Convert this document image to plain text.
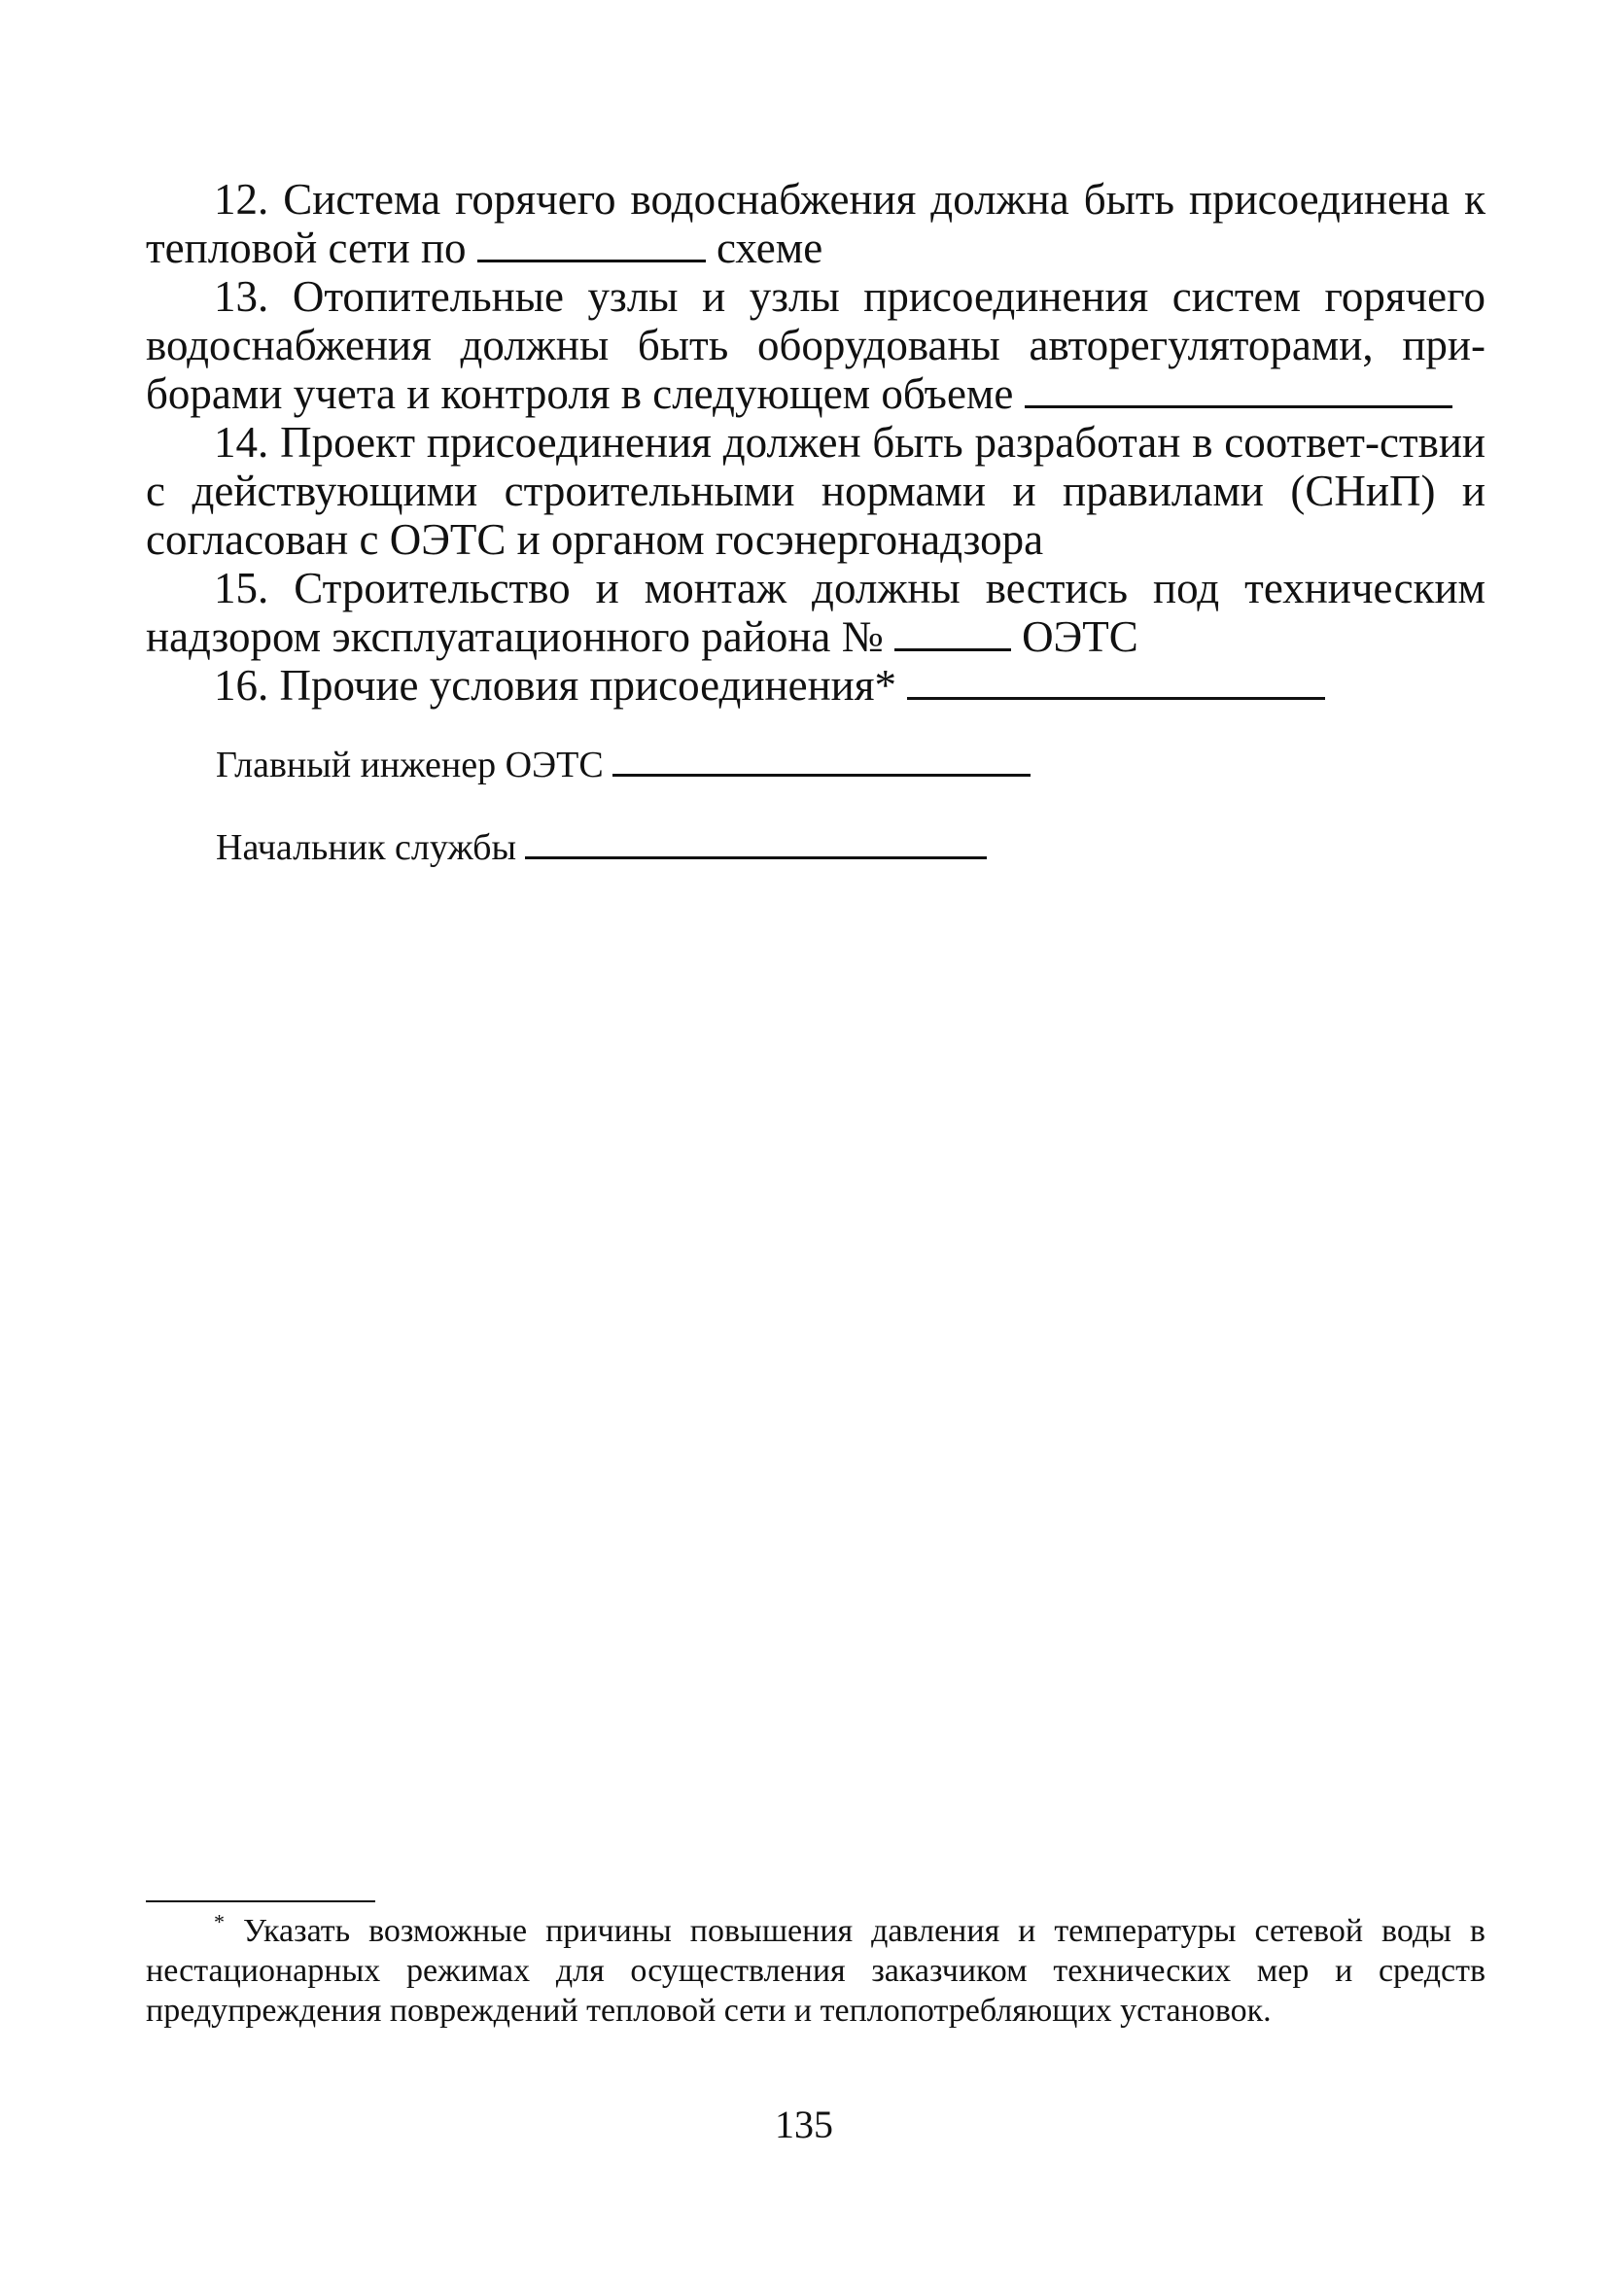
12. Система горячего водоснабжения должна быть присоединена к тепловой сети по	схеме

13. Отопительные узлы и узлы присоединения систем горячего водоснабжения должны быть оборудованы авторегуляторами, при-борами учета и контроля в следующем объеме

14. Проект присоединения должен быть разработан в соответ-ствии с действующими строительными нормами и правилами (СНиП) и согласован с ОЭТС и органом госэнергонадзора

15. Строительство и монтаж должны вестись под техническим надзором эксплуатационного района №	ОЭТС

16. Прочие условия присоединения*

Главный инженер ОЭТС
Начальник службы

* Указать возможные причины повышения давления и температуры сетевой воды в нестационарных режимах для осуществления заказчиком технических мер и средств предупреждения повреждений тепловой сети и теплопотребляющих установок.

135
